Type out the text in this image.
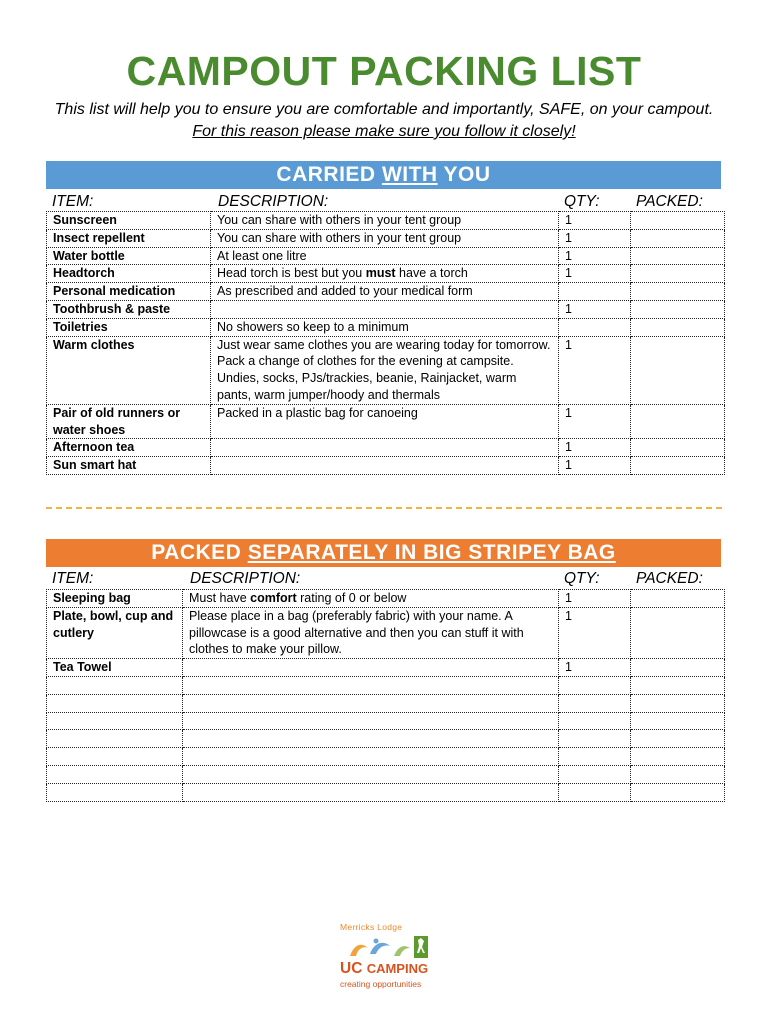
CAMPOUT PACKING LIST
This list will help you to ensure you are comfortable and importantly, SAFE, on your campout. For this reason please make sure you follow it closely!
CARRIED WITH YOU
ITEM:	DESCRIPTION:	QTY: PACKED:
Sunscreen	You can share with others in your tent group	1	
Insect repellent	You can share with others in your tent group	1	
Water bottle	At least one litre	1	
Headtorch	Head torch is best but you must have a torch	1	
Personal medication	As prescribed and added to your medical form		
Toothbrush & paste		1	
Toiletries	No showers so keep to a minimum		
Warm clothes	Just wear same clothes you are wearing today for tomorrow. Pack a change of clothes for the evening at campsite.
Undies, socks, PJs/trackies, beanie, Rainjacket, warm pants, warm jumper/hoody and thermals	1	
Pair of old runners or water shoes	Packed in a plastic bag for canoeing	1	
Afternoon tea		1	
Sun smart hat		1	
PACKED SEPARATELY IN BIG STRIPEY BAG
ITEM:	DESCRIPTION:	QTY: PACKED:
Sleeping bag	Must have comfort rating of 0 or below	1	
Plate, bowl, cup and cutlery	Please place in a bag (preferably fabric) with your name. A pillowcase is a good alternative and then you can stuff it with clothes to make your pillow.	1	
Tea Towel		1	

Merricks Lodge
UC CAMPING
creating opportunities
